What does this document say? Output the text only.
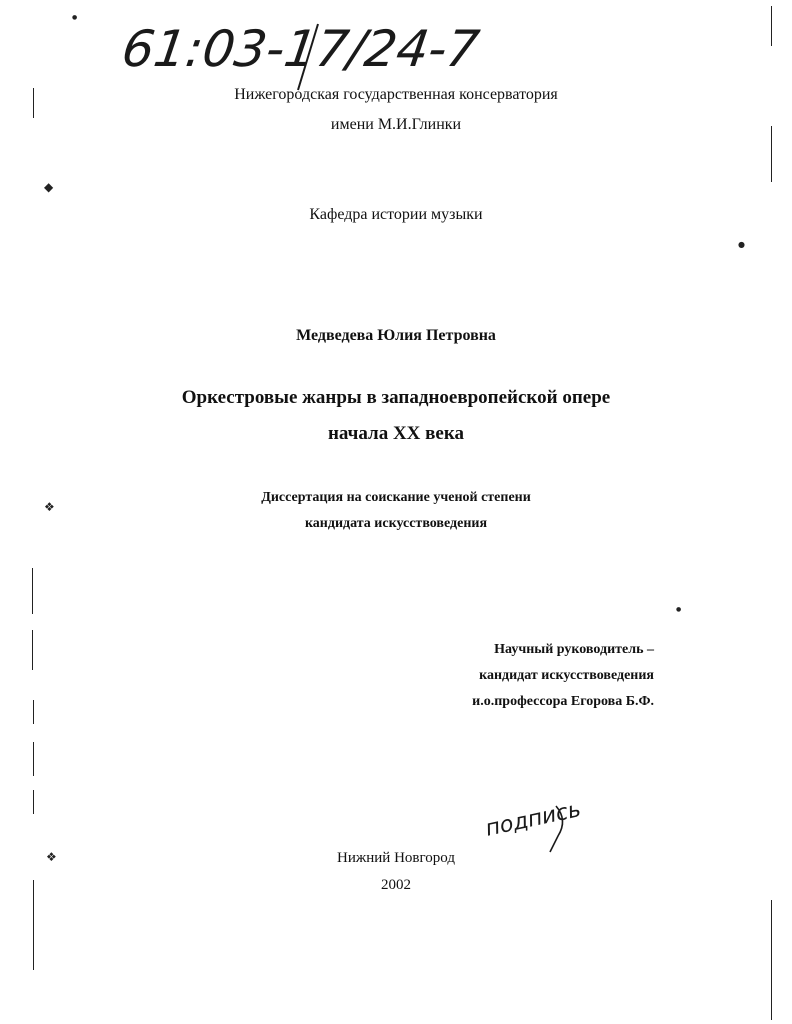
61:03-17/24-7
Нижегородская государственная консерватория
имени М.И.Глинки
Кафедра истории музыки
Медведева Юлия Петровна
Оркестровые жанры в западноевропейской опере
начала XX века
Диссертация на соискание ученой степени
кандидата искусствоведения
Научный руководитель –
кандидат искусствоведения
и.о.профессора Егорова Б.Ф.
подпись
Нижний Новгород
2002
◆
❖
❖
●
●
●
